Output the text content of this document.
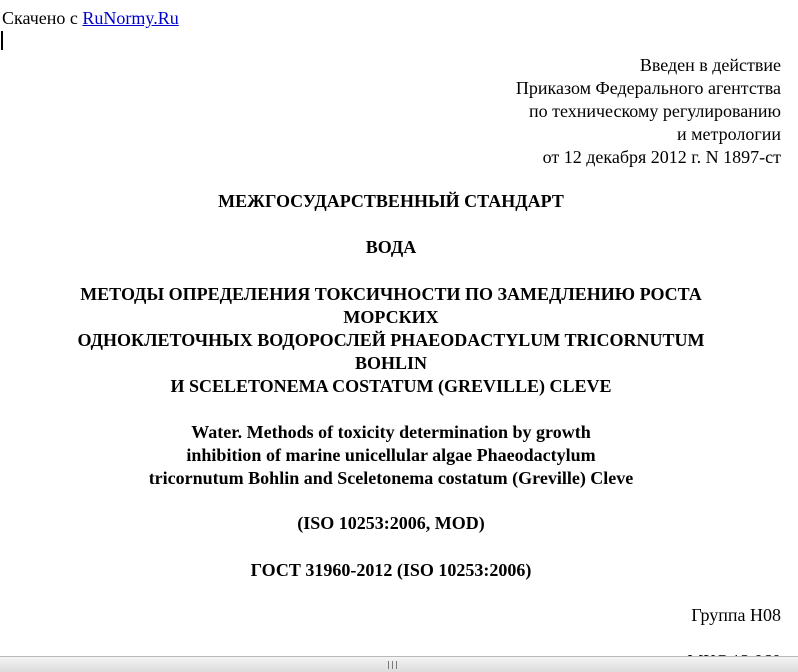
Скачено с RuNormy.Ru
Введен в действие
Приказом Федерального агентства
по техническому регулированию
и метрологии
от 12 декабря 2012 г. N 1897-ст
МЕЖГОСУДАРСТВЕННЫЙ СТАНДАРТ
ВОДА
МЕТОДЫ ОПРЕДЕЛЕНИЯ ТОКСИЧНОСТИ ПО ЗАМЕДЛЕНИЮ РОСТА
МОРСКИХ
ОДНОКЛЕТОЧНЫХ ВОДОРОСЛЕЙ PHAEODACTYLUM TRICORNUTUM
BOHLIN
И SCELETONEMA COSTATUM (GREVILLE) CLEVE
Water. Methods of toxicity determination by growth
inhibition of marine unicellular algae Phaeodactylum
tricornutum Bohlin and Sceletonema costatum (Greville) Cleve
(ISO 10253:2006, MOD)
ГОСТ 31960-2012 (ISO 10253:2006)
Группа Н08
